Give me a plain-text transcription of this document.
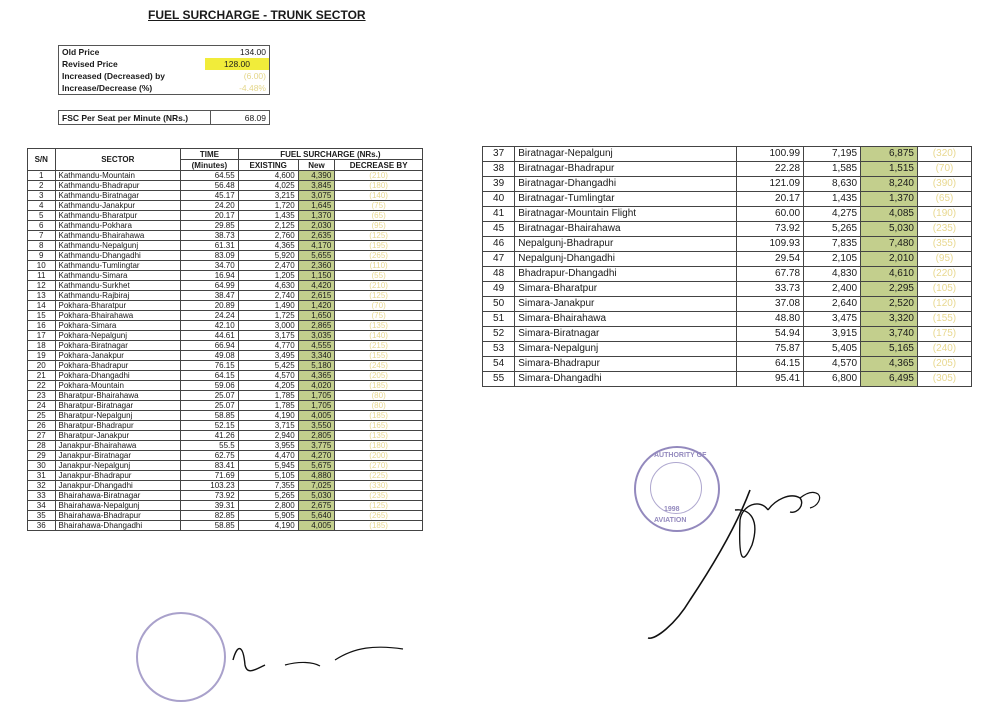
FUEL SURCHARGE - TRUNK SECTOR
Old Price	134.00
Revised Price	128.00
Increased (Decreased) by	(6.00)
Increase/Decrease (%)	-4.48%
FSC Per Seat per Minute (NRs.)	68.09
S/N	SECTOR	TIME	FUEL SURCHARGE (NRs.)		
		(Minutes)	EXISTING	New	DECREASE BY
1	Kathmandu-Mountain	64.55	4,600	4,390	(210)
2	Kathmandu-Bhadrapur	56.48	4,025	3,845	(180)
3	Kathmandu-Biratnagar	45.17	3,215	3,075	(140)
4	Kathmandu-Janakpur	24.20	1,720	1,645	(75)
5	Kathmandu-Bharatpur	20.17	1,435	1,370	(65)
6	Kathmandu-Pokhara	29.85	2,125	2,030	(95)
7	Kathmandu-Bhairahawa	38.73	2,760	2,635	(125)
8	Kathmandu-Nepalgunj	61.31	4,365	4,170	(195)
9	Kathmandu-Dhangadhi	83.09	5,920	5,655	(265)
10	Kathmandu-Tumlingtar	34.70	2,470	2,360	(110)
11	Kathmandu-Simara	16.94	1,205	1,150	(55)
12	Kathmandu-Surkhet	64.99	4,630	4,420	(210)
13	Kathmandu-Rajbiraj	38.47	2,740	2,615	(125)
14	Pokhara-Bharatpur	20.89	1,490	1,420	(70)
15	Pokhara-Bhairahawa	24.24	1,725	1,650	(75)
16	Pokhara-Simara	42.10	3,000	2,865	(135)
17	Pokhara-Nepalgunj	44.61	3,175	3,035	(140)
18	Pokhara-Biratnagar	66.94	4,770	4,555	(215)
19	Pokhara-Janakpur	49.08	3,495	3,340	(155)
20	Pokhara-Bhadrapur	76.15	5,425	5,180	(245)
21	Pokhara-Dhangadhi	64.15	4,570	4,365	(205)
22	Pokhara-Mountain	59.06	4,205	4,020	(185)
23	Bharatpur-Bhairahawa	25.07	1,785	1,705	(80)
24	Bharatpur-Biratnagar	25.07	1,785	1,705	(80)
25	Bharatpur-Nepalgunj	58.85	4,190	4,005	(185)
26	Bharatpur-Bhadrapur	52.15	3,715	3,550	(165)
27	Bharatpur-Janakpur	41.26	2,940	2,805	(135)
28	Janakpur-Bhairahawa	55.5	3,955	3,775	(180)
29	Janakpur-Biratnagar	62.75	4,470	4,270	(200)
30	Janakpur-Nepalgunj	83.41	5,945	5,675	(270)
31	Janakpur-Bhadrapur	71.69	5,105	4,880	(225)
32	Janakpur-Dhangadhi	103.23	7,355	7,025	(330)
33	Bhairahawa-Biratnagar	73.92	5,265	5,030	(235)
34	Bhairahawa-Nepalgunj	39.31	2,800	2,675	(125)
35	Bhairahawa-Bhadrapur	82.85	5,905	5,640	(265)
36	Bhairahawa-Dhangadhi	58.85	4,190	4,005	(185)
37	Biratnagar-Nepalgunj	100.99	7,195	6,875	(320)
38	Biratnagar-Bhadrapur	22.28	1,585	1,515	(70)
39	Biratnagar-Dhangadhi	121.09	8,630	8,240	(390)
40	Biratnagar-Tumlingtar	20.17	1,435	1,370	(65)
41	Biratnagar-Mountain Flight	60.00	4,275	4,085	(190)
45	Biratnagar-Bhairahawa	73.92	5,265	5,030	(235)
46	Nepalgunj-Bhadrapur	109.93	7,835	7,480	(355)
47	Nepalgunj-Dhangadhi	29.54	2,105	2,010	(95)
48	Bhadrapur-Dhangadhi	67.78	4,830	4,610	(220)
49	Simara-Bharatpur	33.73	2,400	2,295	(105)
50	Simara-Janakpur	37.08	2,640	2,520	(120)
51	Simara-Bhairahawa	48.80	3,475	3,320	(155)
52	Simara-Biratnagar	54.94	3,915	3,740	(175)
53	Simara-Nepalgunj	75.87	5,405	5,165	(240)
54	Simara-Bhadrapur	64.15	4,570	4,365	(205)
55	Simara-Dhangadhi	95.41	6,800	6,495	(305)
AUTHORITY OF
1998
AVIATION
